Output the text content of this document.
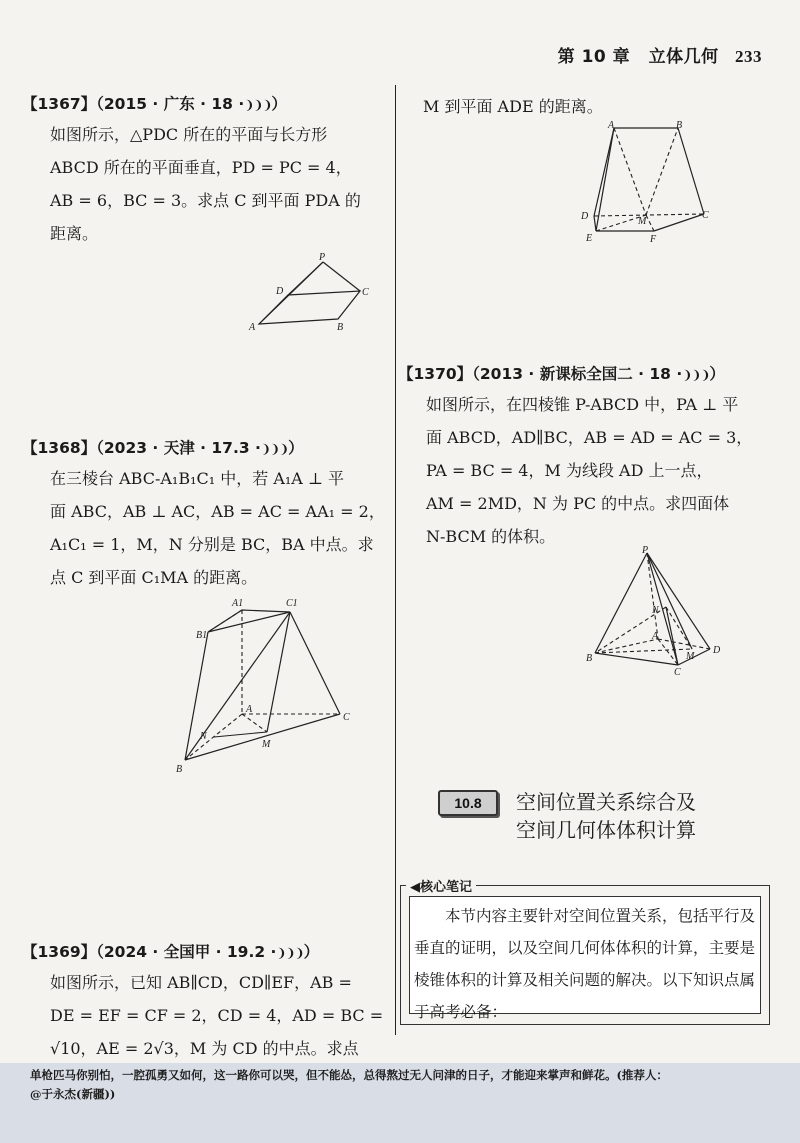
第 10 章 立体几何 233
【1367】（2015 · 广东 · 18 ·❩❩❩）
如图所示，△PDC 所在的平面与长方形
ABCD 所在的平面垂直，PD = PC = 4，
AB = 6，BC = 3。求点 C 到平面 PDA 的
距离。
P
D	C
A	B
【1368】（2023 · 天津 · 17.3 ·❩❩❩）
在三棱台 ABC-A₁B₁C₁ 中，若 A₁A ⊥ 平
面 ABC，AB ⊥ AC，AB = AC = AA₁ = 2，
A₁C₁ = 1，M，N 分别是 BC，BA 中点。求
点 C 到平面 C₁MA 的距离。
A1	C1
B1
A
C
N
M
B
【1369】（2024 · 全国甲 · 19.2 ·❩❩❩）
如图所示，已知 AB∥CD，CD∥EF，AB =
DE = EF = CF = 2，CD = 4，AD = BC =
√10，AE = 2√3，M 为 CD 的中点。求点
M 到平面 ADE 的距离。
A	B
D	M
C
E	F
【1370】（2013 · 新课标全国二 · 18 ·❩❩❩）
如图所示，在四棱锥 P-ABCD 中，PA ⊥ 平
面 ABCD，AD∥BC，AB = AD = AC = 3，
PA = BC = 4，M 为线段 AD 上一点，
AM = 2MD，N 为 PC 的中点。求四面体
N-BCM 的体积。
P
N
A
B	M
D
C
10.8	空间位置关系综合及
空间几何体体积计算
◀核心笔记
本节内容主要针对空间位置关系，包括平行及垂直的证明，以及空间几何体体积的计算，主要是棱锥体积的计算及相关问题的解决。以下知识点属于高考必备：
单枪匹马你别怕，一腔孤勇又如何，这一路你可以哭，但不能怂，总得熬过无人问津的日子，才能迎来掌声和鲜花。(推荐人：
@于永杰(新疆))
